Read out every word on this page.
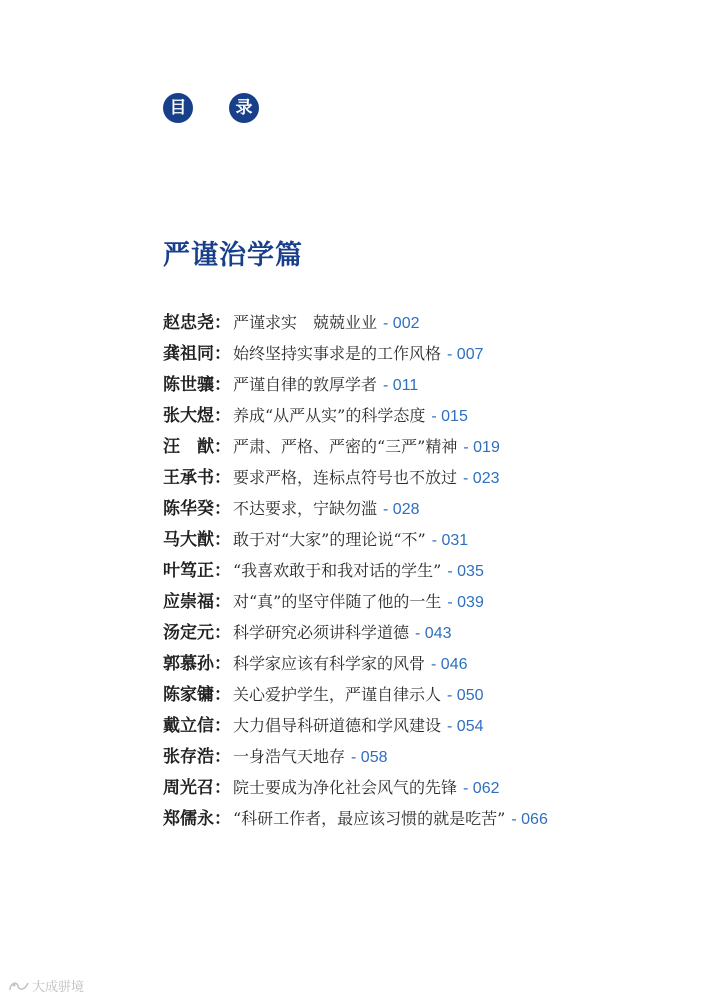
目	录
严谨治学篇
赵忠尧 ： 严谨求实　兢兢业业 - 002
龚祖同 ： 始终坚持实事求是的工作风格 - 007
陈世骧 ： 严谨自律的敦厚学者 - 011
张大煜 ： 养成“从严从实”的科学态度 - 015
汪　猷 ： 严肃、严格、严密的“三严”精神 - 019
王承书 ： 要求严格，连标点符号也不放过 - 023
陈华癸 ： 不达要求，宁缺勿滥 - 028
马大猷 ： 敢于对“大家”的理论说“不” - 031
叶笃正 ： “我喜欢敢于和我对话的学生” - 035
应崇福 ： 对“真”的坚守伴随了他的一生 - 039
汤定元 ： 科学研究必须讲科学道德 - 043
郭慕孙 ： 科学家应该有科学家的风骨 - 046
陈家镛 ： 关心爱护学生，严谨自律示人 - 050
戴立信 ： 大力倡导科研道德和学风建设 - 054
张存浩 ： 一身浩气天地存 - 058
周光召 ： 院士要成为净化社会风气的先锋 - 062
郑儒永 ： “科研工作者，最应该习惯的就是吃苦” - 066
大成骈境
